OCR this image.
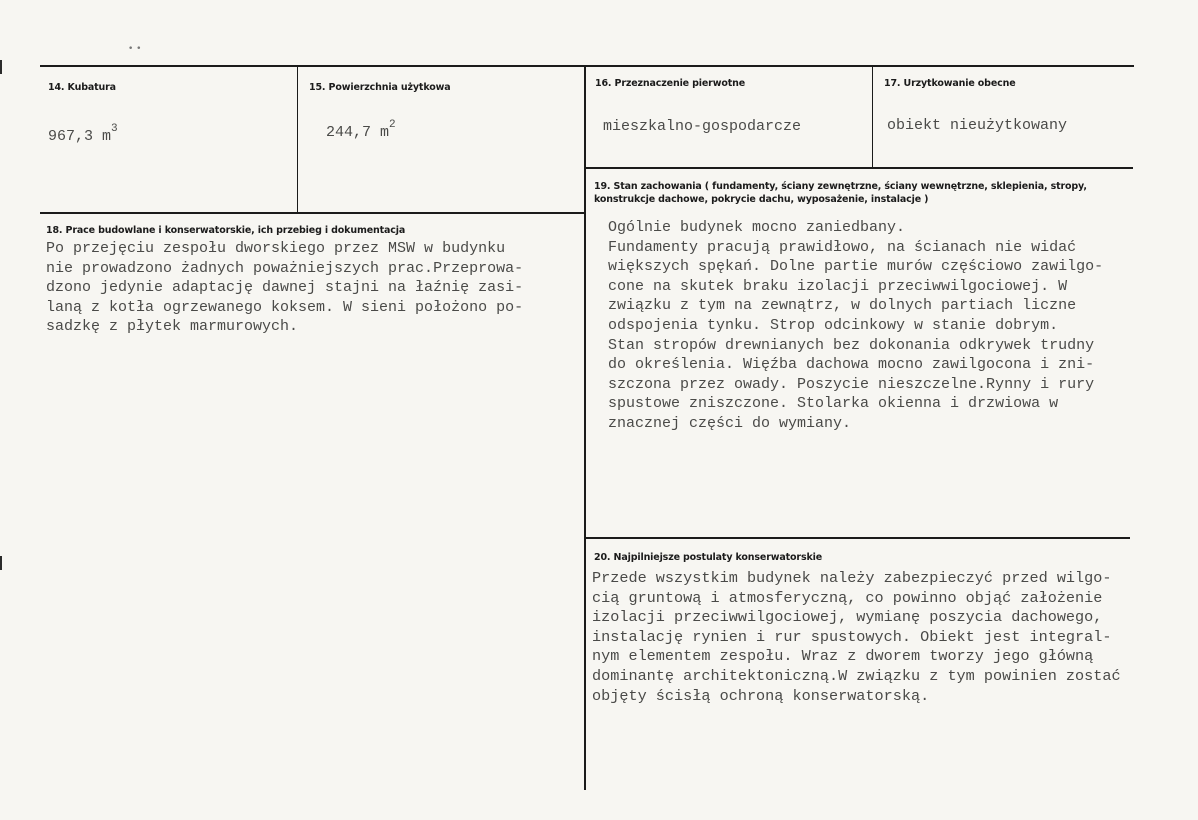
• •
14. Kubatura
967,3 $m^3$
15. Powierzchnia użytkowa
244,7 $m^2$
16. Przeznaczenie pierwotne
mieszkalno-gospodarcze
17. Urzytkowanie obecne
obiekt nieużytkowany
19. Stan zachowania ( fundamenty, ściany zewnętrzne, ściany wewnętrzne, sklepienia, stropy,
konstrukcje dachowe, pokrycie dachu, wyposażenie, instalacje )
Ogólnie budynek mocno zaniedbany.
Fundamenty pracują prawidłowo, na ścianach nie widać
większych spękań. Dolne partie murów częściowo zawilgo-
cone na skutek braku izolacji przeciwwilgociowej. W
związku z tym na zewnątrz, w dolnych partiach liczne
odspojenia tynku. Strop odcinkowy w stanie dobrym.
Stan stropów drewnianych bez dokonania odkrywek trudny
do określenia. Więźba dachowa mocno zawilgocona i zni-
szczona przez owady. Poszycie nieszczelne.Rynny i rury
spustowe zniszczone. Stolarka okienna i drzwiowa w
znacznej części do wymiany.
18. Prace budowlane i konserwatorskie, ich przebieg i dokumentacja
Po przejęciu zespołu dworskiego przez MSW w budynku
nie prowadzono żadnych poważniejszych prac.Przeprowa-
dzono jedynie adaptację dawnej stajni na łaźnię zasi-
laną z kotła ogrzewanego koksem. W sieni położono po-
sadzkę z płytek marmurowych.
20. Najpilniejsze postulaty konserwatorskie
Przede wszystkim budynek należy zabezpieczyć przed wilgo-
cią gruntową i atmosferyczną, co powinno objąć założenie
izolacji przeciwwilgociowej, wymianę poszycia dachowego,
instalację rynien i rur spustowych. Obiekt jest integral-
nym elementem zespołu. Wraz z dworem tworzy jego główną
dominantę architektoniczną.W związku z tym powinien zostać
objęty ścisłą ochroną konserwatorską.
